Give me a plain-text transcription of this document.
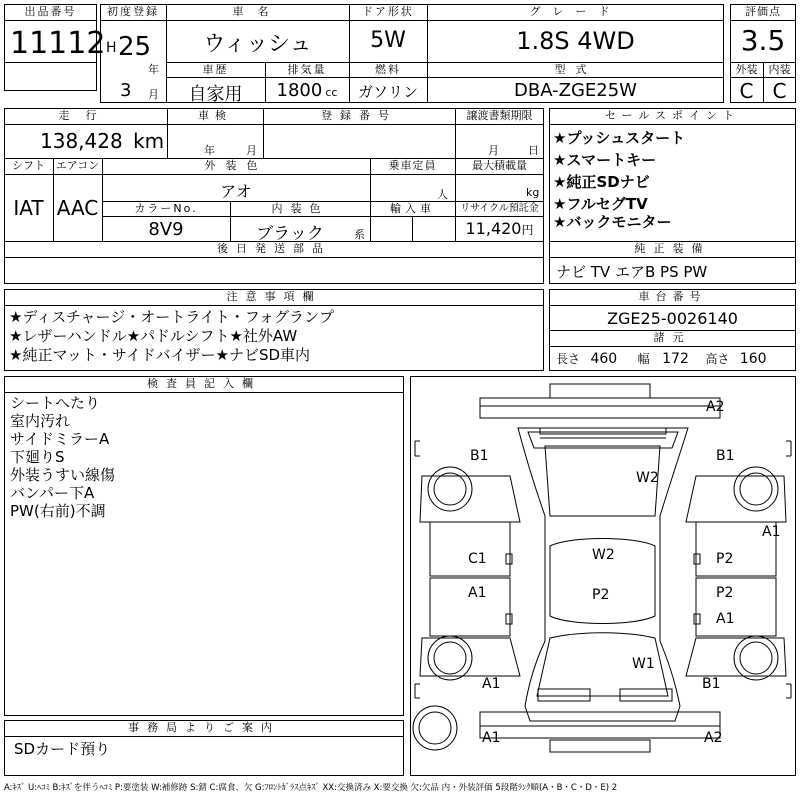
出品番号
11112
初度登録
H 25
年
3 月
車名
ウィッシュ
ドア形状
5W
グレード
1.8S 4WD
車歴
自家用
排気量
1800 cc
燃料
ガソリン
型式
DBA-ZGE25W
評価点
3.5
外装	内装
C C
走行
138,428 km
車検
年	月
登録番号	譲渡書類期限
月	日
シフト
IAT
エアコン
AAC
外装色
アオ
乗車定員
人
最大積載量
kg
カラーNo.
8V9
内装色
ブラック	系
輸入車	リサイクル預託金
11,420円
後日発送部品
セールスポイント
★プッシュスタート
★スマートキー
★純正SDナビ
★フルセグTV
★バックモニター
純正装備
ナビ TV エアB PS PW
注意事項欄
★ディスチャージ・オートライト・フォグランプ
★レザーハンドル★パドルシフト★社外AW
★純正マット・サイドバイザー★ナビSD車内
車台番号
ZGE25-0026140
諸元
長さ 460 幅 172 高さ 160
検査員記入欄
シートへたり
室内汚れ
サイドミラーA
下廻りS
外装うすい線傷
バンパー下A
PW(右前)不調
事務局よりご案内
SDカード預り
A2
B1	B1
W2
A1
C1	W2	P2
A1	P2	P2
A1
W1
A1	B1
A1	A2
A:ｷｽﾞ U:ﾍｺﾐ B:ｷｽﾞを伴うﾍｺﾐ P:要塗装 W:補修跡 S:錆 C:腐食、欠 G:ﾌﾛﾝﾄｶﾞﾗｽ点ｷｽﾞ XX:交換済み X:要交換 欠:欠品 内・外装評価 5段階ﾗﾝｸ順(A・B・C・D・E) 2
